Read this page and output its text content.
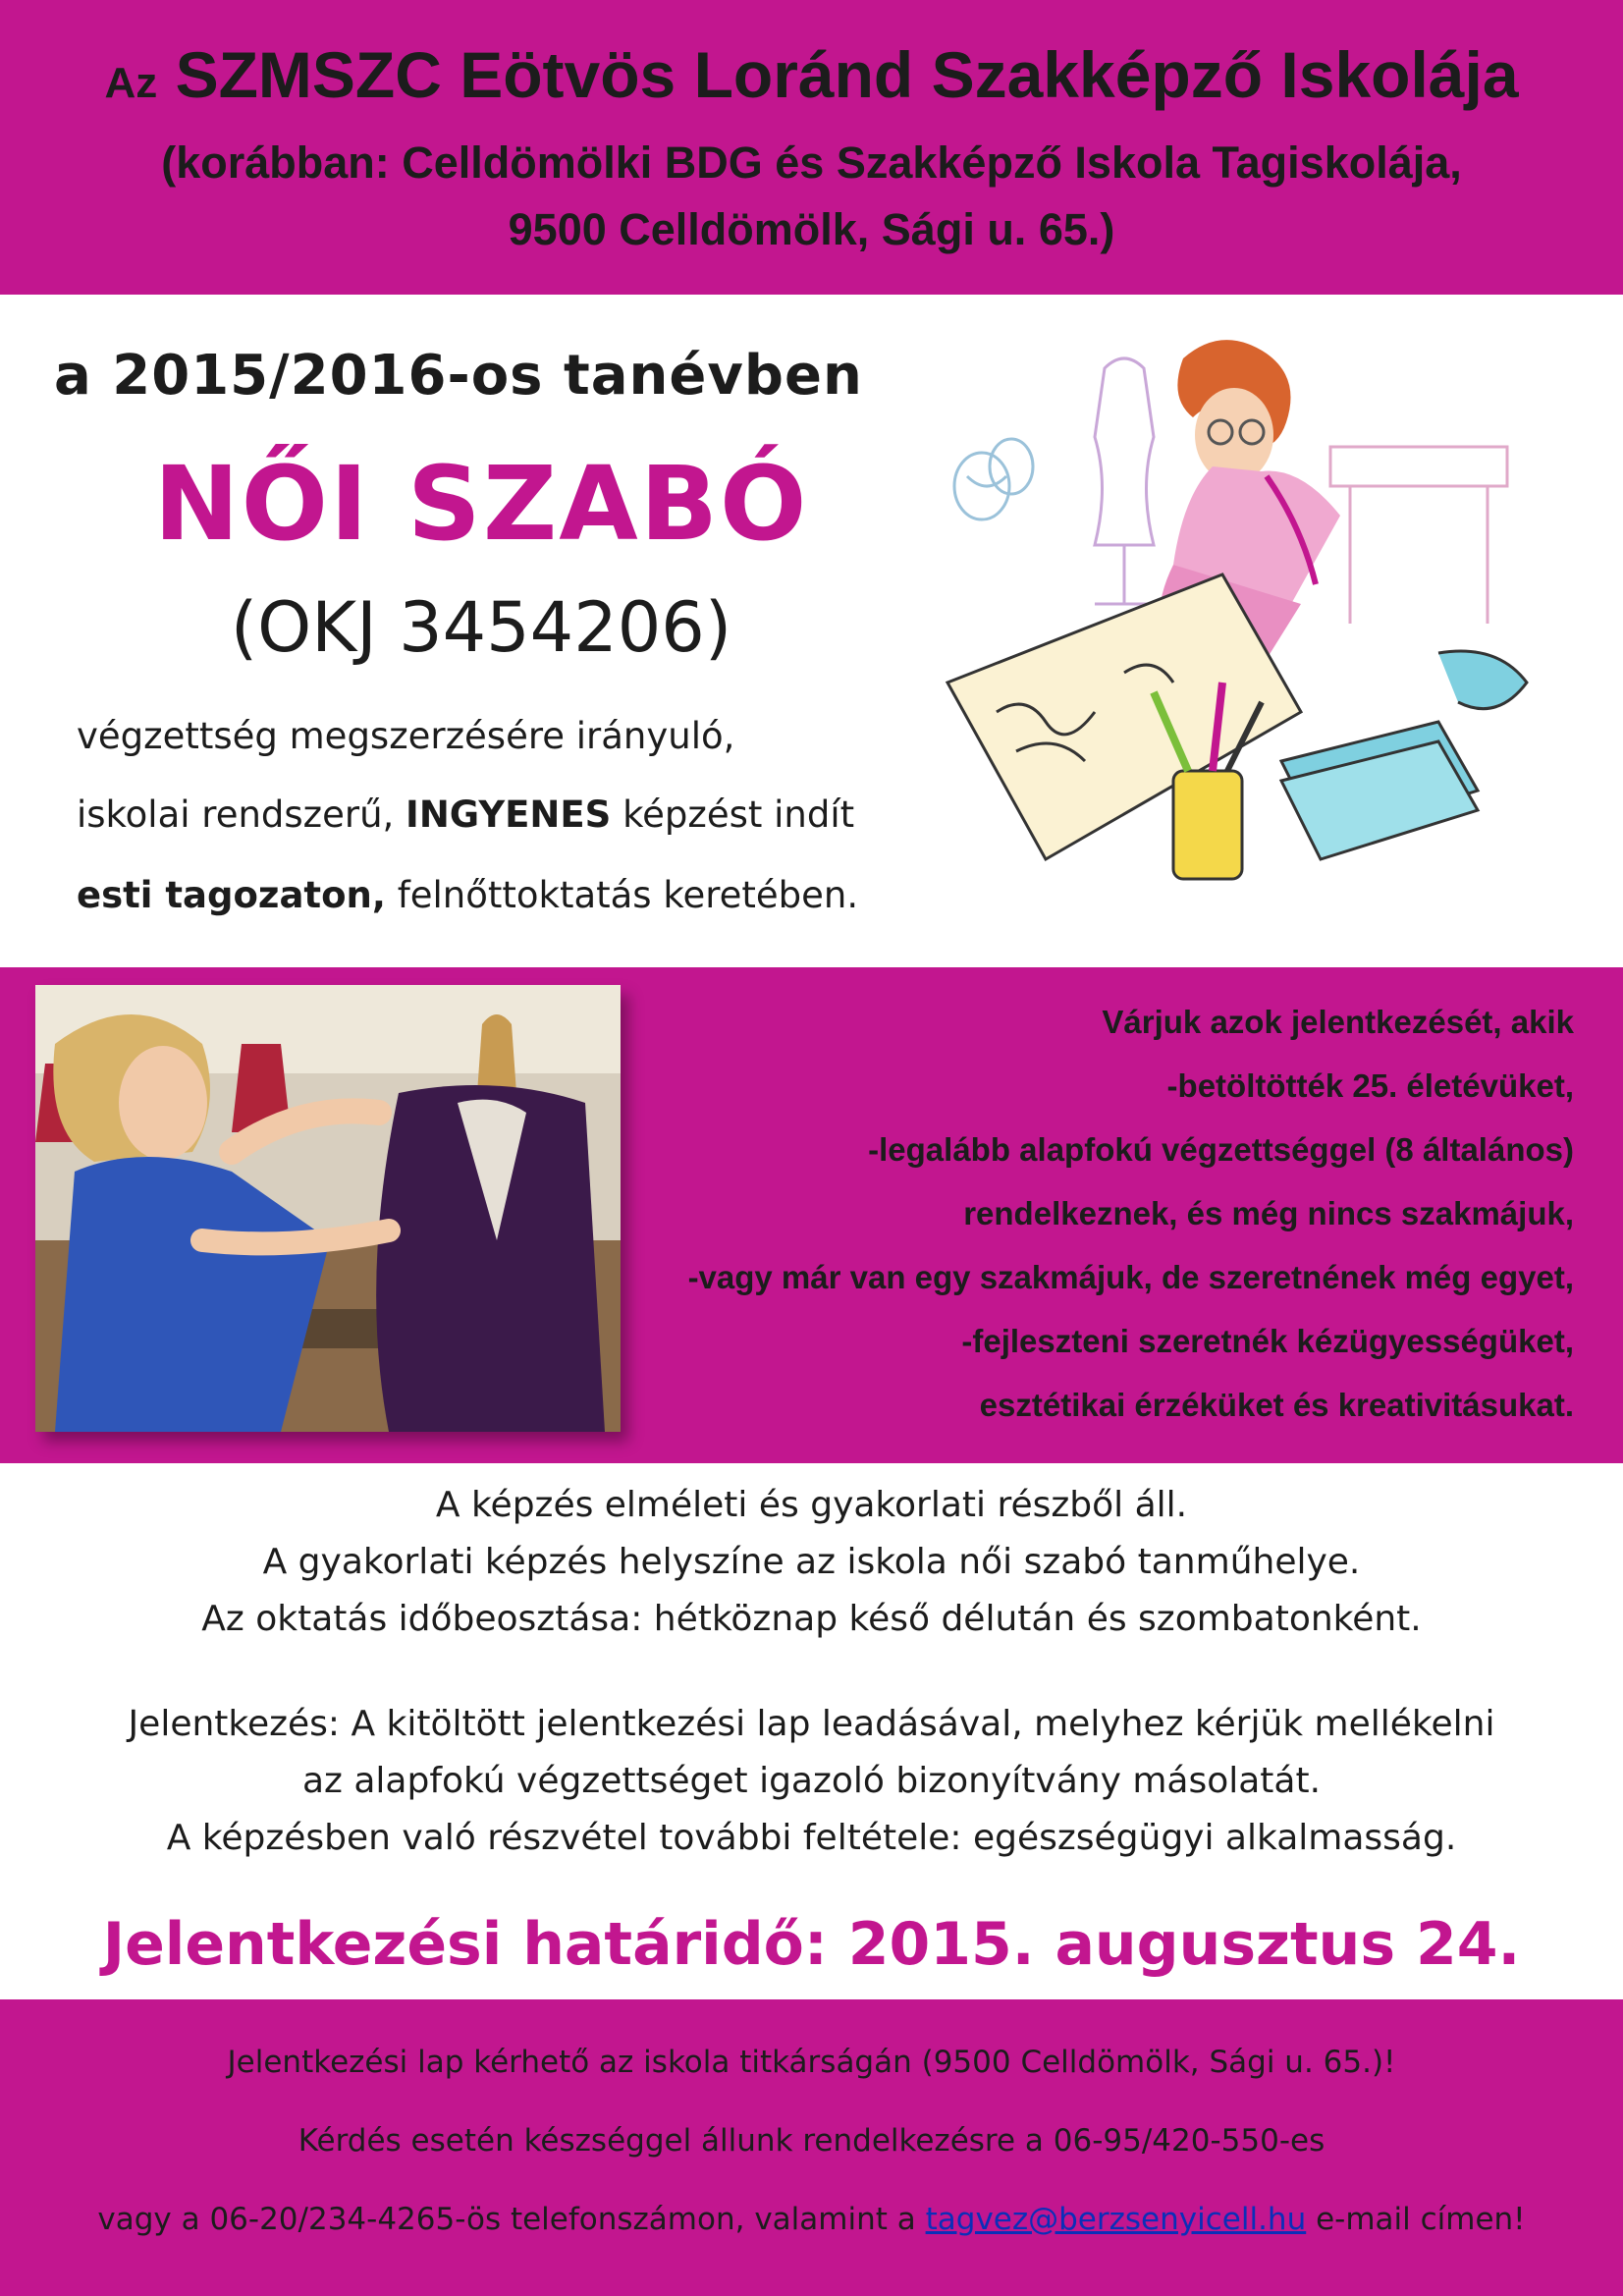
Az SZMSZC Eötvös Loránd Szakképző Iskolája
(korábban: Celldömölki BDG és Szakképző Iskola Tagiskolája,
9500 Celldömölk, Sági u. 65.)
a 2015/2016-os tanévben
NŐI SZABÓ
(OKJ 3454206)
végzettség megszerzésére irányuló,
iskolai rendszerű, INGYENES képzést indít
esti tagozaton, felnőttoktatás keretében.
Várjuk azok jelentkezését, akik
-betöltötték 25. életévüket,
-legalább alapfokú végzettséggel (8 általános)
rendelkeznek, és még nincs szakmájuk,
-vagy már van egy szakmájuk, de szeretnének még egyet,
-fejleszteni szeretnék kézügyességüket,
esztétikai érzéküket és kreativitásukat.
A képzés elméleti és gyakorlati részből áll.
A gyakorlati képzés helyszíne az iskola női szabó tanműhelye.
Az oktatás időbeosztása: hétköznap késő délután és szombatonként.
Jelentkezés: A kitöltött jelentkezési lap leadásával, melyhez kérjük mellékelni
az alapfokú végzettséget igazoló bizonyítvány másolatát.
A képzésben való részvétel további feltétele: egészségügyi alkalmasság.
Jelentkezési határidő: 2015. augusztus 24.
Jelentkezési lap kérhető az iskola titkárságán (9500 Celldömölk, Sági u. 65.)!
Kérdés esetén készséggel állunk rendelkezésre a 06-95/420-550-es
vagy a 06-20/234-4265-ös telefonszámon, valamint a tagvez@berzsenyicell.hu e-mail címen!
